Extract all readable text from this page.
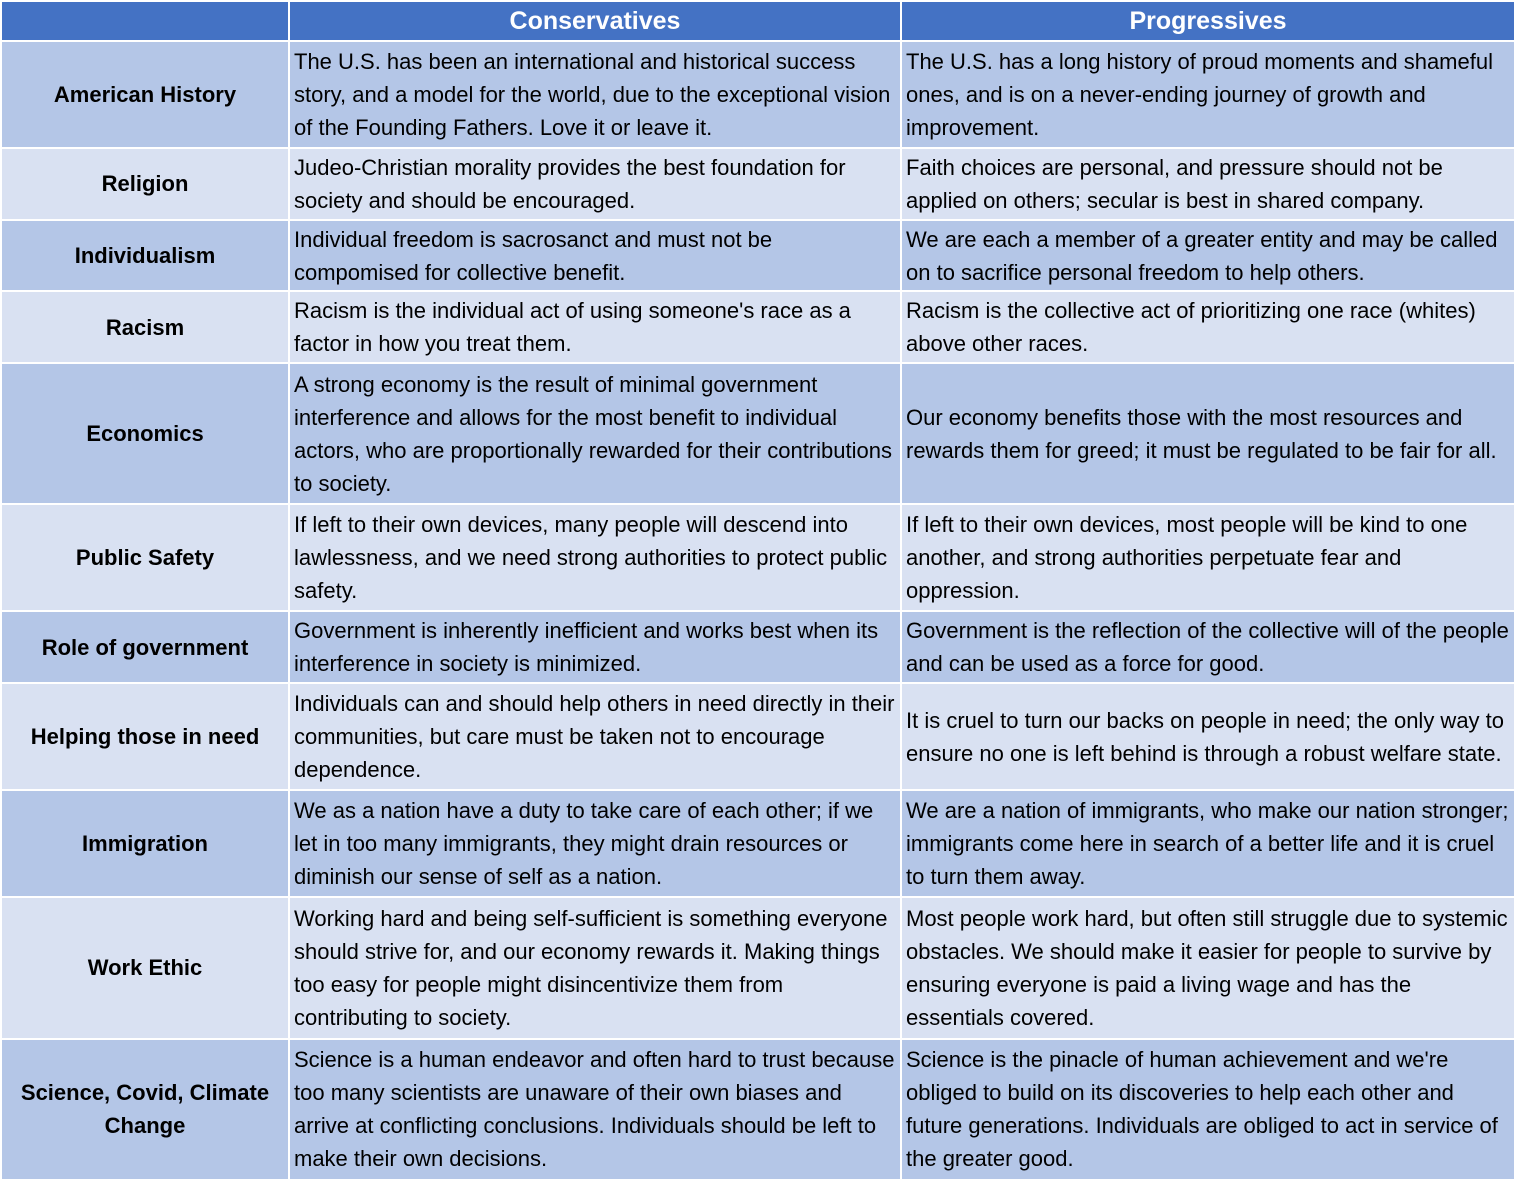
	Conservatives	Progressives
American History	The U.S. has been an international and historical success story, and a model for the world, due to the exceptional vision of the Founding Fathers. Love it or leave it.	The U.S. has a long history of proud moments and shameful ones, and is on a never-ending journey of growth and improvement.
Religion	Judeo-Christian morality provides the best foundation for society and should be encouraged.	Faith choices are personal, and pressure should not be applied on others; secular is best in shared company.
Individualism	Individual freedom is sacrosanct and must not be compomised for collective benefit.	We are each a member of a greater entity and may be called on to sacrifice personal freedom to help others.
Racism	Racism is the individual act of using someone's race as a factor in how you treat them.	Racism is the collective act of prioritizing one race (whites) above other races.
Economics	A strong economy is the result of minimal government interference and allows for the most benefit to individual actors, who are proportionally rewarded for their contributions to society.	Our economy benefits those with the most resources and rewards them for greed; it must be regulated to be fair for all.
Public Safety	If left to their own devices, many people will descend into lawlessness, and we need strong authorities to protect public safety.	If left to their own devices, most people will be kind to one another, and strong authorities perpetuate fear and oppression.
Role of government	Government is inherently inefficient and works best when its interference in society is minimized.	Government is the reflection of the collective will of the people and can be used as a force for good.
Helping those in need	Individuals can and should help others in need directly in their communities, but care must be taken not to encourage dependence.	It is cruel to turn our backs on people in need; the only way to ensure no one is left behind is through a robust welfare state.
Immigration	We as a nation have a duty to take care of each other; if we let in too many immigrants, they might drain resources or diminish our sense of self as a nation.	We are a nation of immigrants, who make our nation stronger; immigrants come here in search of a better life and it is cruel to turn them away.
Work Ethic	Working hard and being self-sufficient is something everyone should strive for, and our economy rewards it. Making things too easy for people might disincentivize them from contributing to society.	Most people work hard, but often still struggle due to systemic obstacles. We should make it easier for people to survive by ensuring everyone is paid a living wage and has the essentials covered.
Science, Covid, Climate Change	Science is a human endeavor and often hard to trust because too many scientists are unaware of their own biases and arrive at conflicting conclusions. Individuals should be left to make their own decisions.	Science is the pinacle of human achievement and we're obliged to build on its discoveries to help each other and future generations. Individuals are obliged to act in service of the greater good.
